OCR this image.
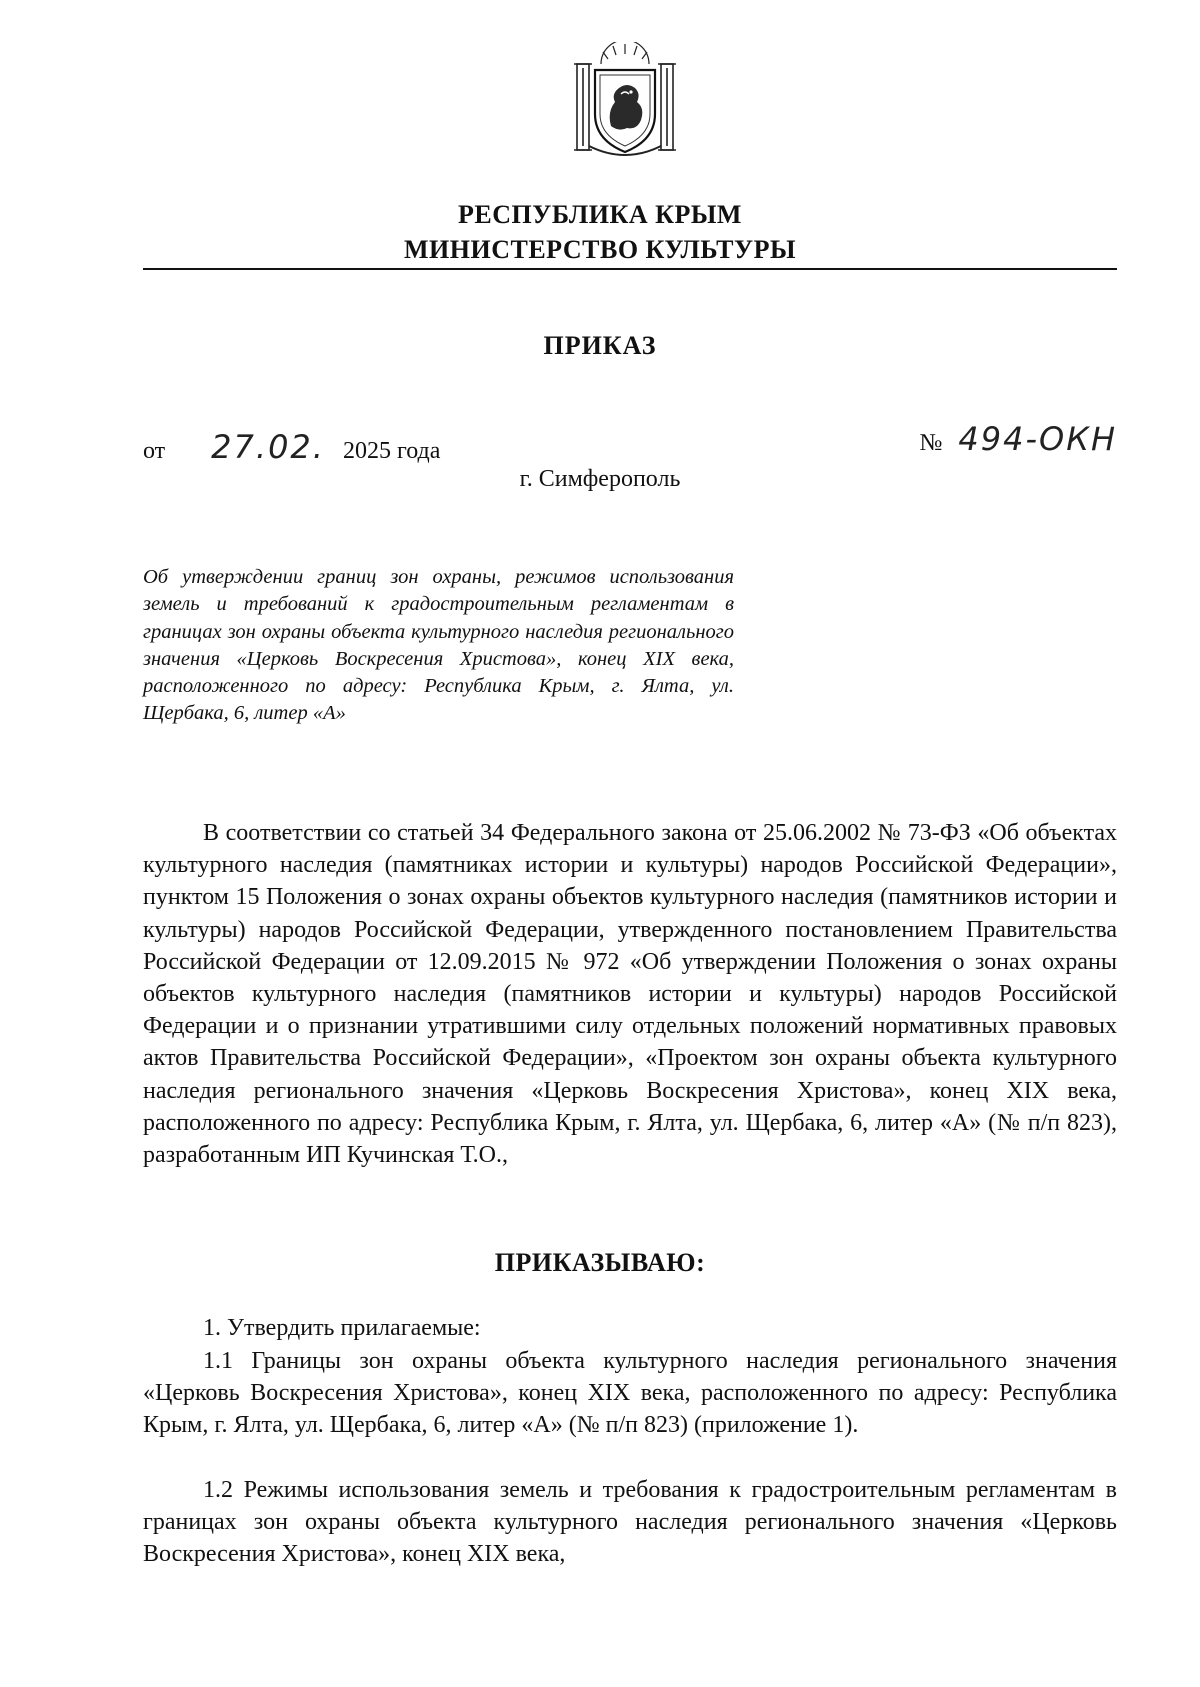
РЕСПУБЛИКА КРЫМ
МИНИСТЕРСТВО КУЛЬТУРЫ
ПРИКАЗ
от 27.02. 2025 года	№ 494-ОКН
г. Симферополь
Об утверждении границ зон охраны, режимов использования земель и требований к градостроительным регламентам в границах зон охраны объекта культурного наследия регионального значения «Церковь Воскресения Христова», конец XIX века, расположенного по адресу: Республика Крым, г. Ялта, ул. Щербака, 6, литер «А»

В соответствии со статьей 34 Федерального закона от 25.06.2002 № 73-ФЗ «Об объектах культурного наследия (памятниках истории и культуры) народов Российской Федерации», пунктом 15 Положения о зонах охраны объектов культурного наследия (памятников истории и культуры) народов Российской Федерации, утвержденного постановлением Правительства Российской Федерации от 12.09.2015 № 972 «Об утверждении Положения о зонах охраны объектов культурного наследия (памятников истории и культуры) народов Российской Федерации и о признании утратившими силу отдельных положений нормативных правовых актов Правительства Российской Федерации», «Проектом зон охраны объекта культурного наследия регионального значения «Церковь Воскресения Христова», конец XIX века, расположенного по адресу: Республика Крым, г. Ялта, ул. Щербака, 6, литер «А» (№ п/п 823), разработанным ИП Кучинская Т.О.,

ПРИКАЗЫВАЮ:

1. Утвердить прилагаемые:

1.1 Границы зон охраны объекта культурного наследия регионального значения «Церковь Воскресения Христова», конец XIX века, расположенного по адресу: Республика Крым, г. Ялта, ул. Щербака, 6, литер «А» (№ п/п 823) (приложение 1).

1.2 Режимы использования земель и требования к градостроительным регламентам в границах зон охраны объекта культурного наследия регионального значения «Церковь Воскресения Христова», конец XIX века,
